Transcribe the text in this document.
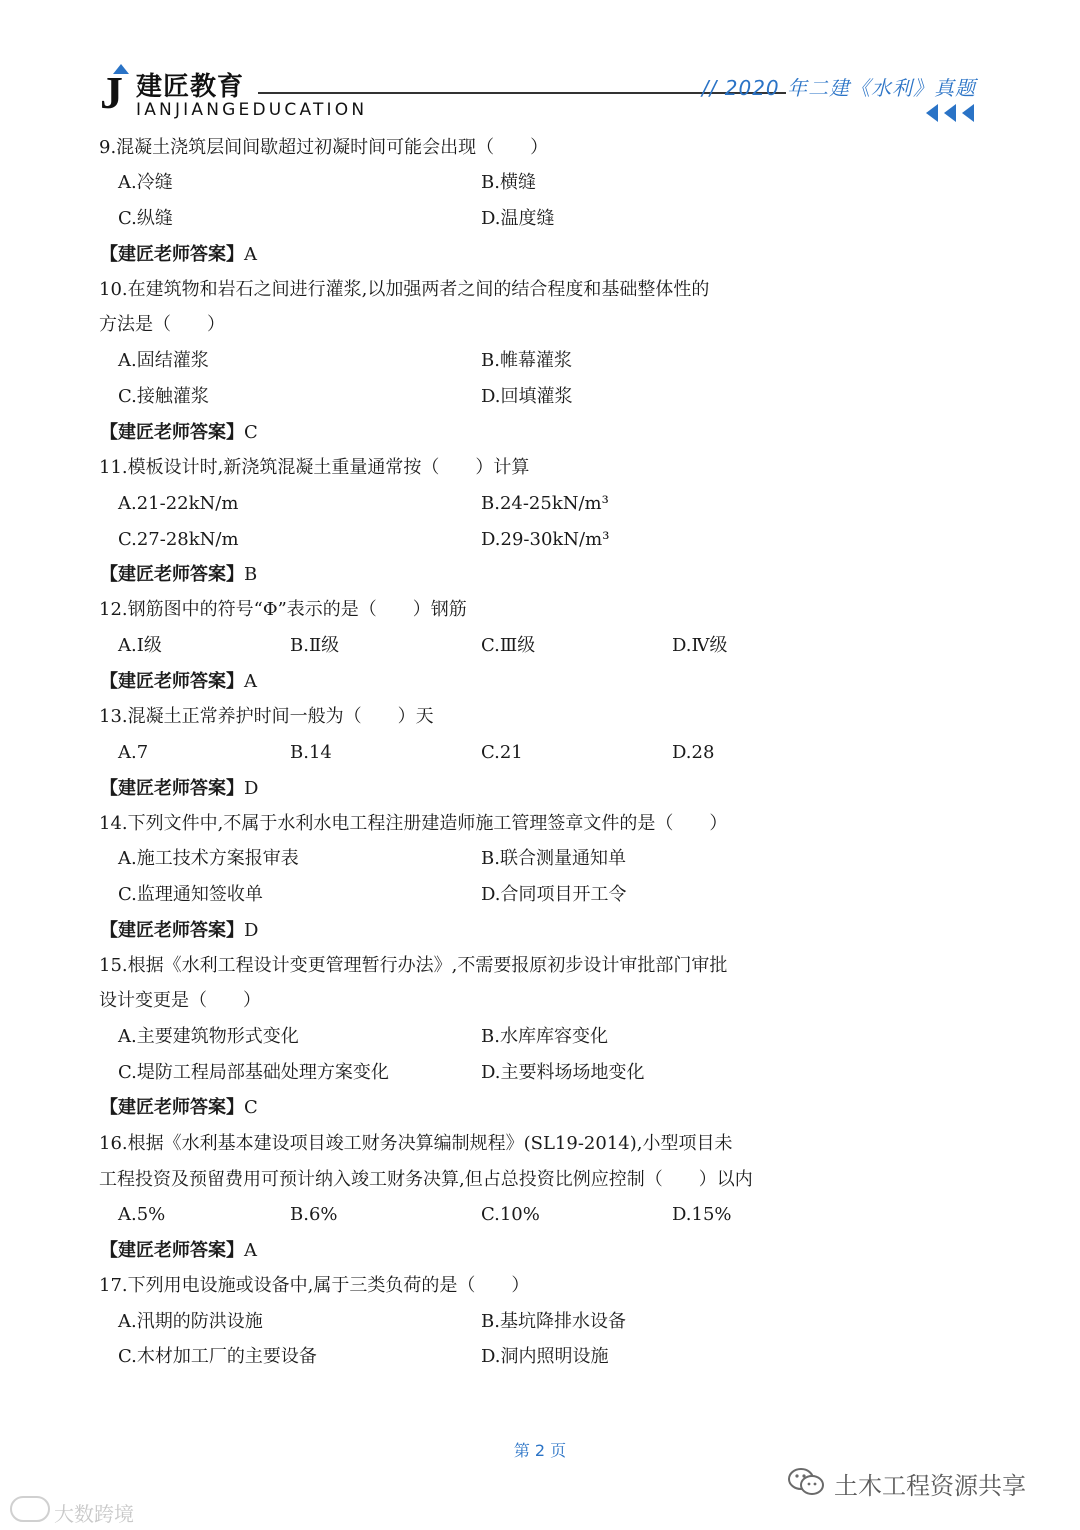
J 建匠教育
IANJIANGEDUCATION
// 2020 年二建《水利》真题
9.混凝土浇筑层间间歇超过初凝时间可能会出现（　　）
A.冷缝	B.横缝
C.纵缝	D.温度缝
【建匠老师答案】A
10.在建筑物和岩石之间进行灌浆,以加强两者之间的结合程度和基础整体性的
方法是（　　）
A.固结灌浆	B.帷幕灌浆
C.接触灌浆	D.回填灌浆
【建匠老师答案】C
11.模板设计时,新浇筑混凝土重量通常按（　　）计算
A.21-22kN/m	B.24-25kN/m³
C.27-28kN/m	D.29-30kN/m³
【建匠老师答案】B
12.钢筋图中的符号“Φ”表示的是（　　）钢筋
A.Ⅰ级	B.Ⅱ级	C.Ⅲ级	D.Ⅳ级
【建匠老师答案】A
13.混凝土正常养护时间一般为（　　）天
A.7	B.14	C.21	D.28
【建匠老师答案】D
14.下列文件中,不属于水利水电工程注册建造师施工管理签章文件的是（　　）
A.施工技术方案报审表	B.联合测量通知单
C.监理通知签收单	D.合同项目开工令
【建匠老师答案】D
15.根据《水利工程设计变更管理暂行办法》,不需要报原初步设计审批部门审批
设计变更是（　　）
A.主要建筑物形式变化	B.水库库容变化
C.堤防工程局部基础处理方案变化	D.主要料场场地变化
【建匠老师答案】C
16.根据《水利基本建设项目竣工财务决算编制规程》(SL19-2014),小型项目未
工程投资及预留费用可预计纳入竣工财务决算,但占总投资比例应控制（　　）以内
A.5%	B.6%	C.10%	D.15%
【建匠老师答案】A
17.下列用电设施或设备中,属于三类负荷的是（　　）
A.汛期的防洪设施	B.基坑降排水设备
C.木材加工厂的主要设备	D.洞内照明设施
第 2 页
土木工程资源共享
大数跨境
